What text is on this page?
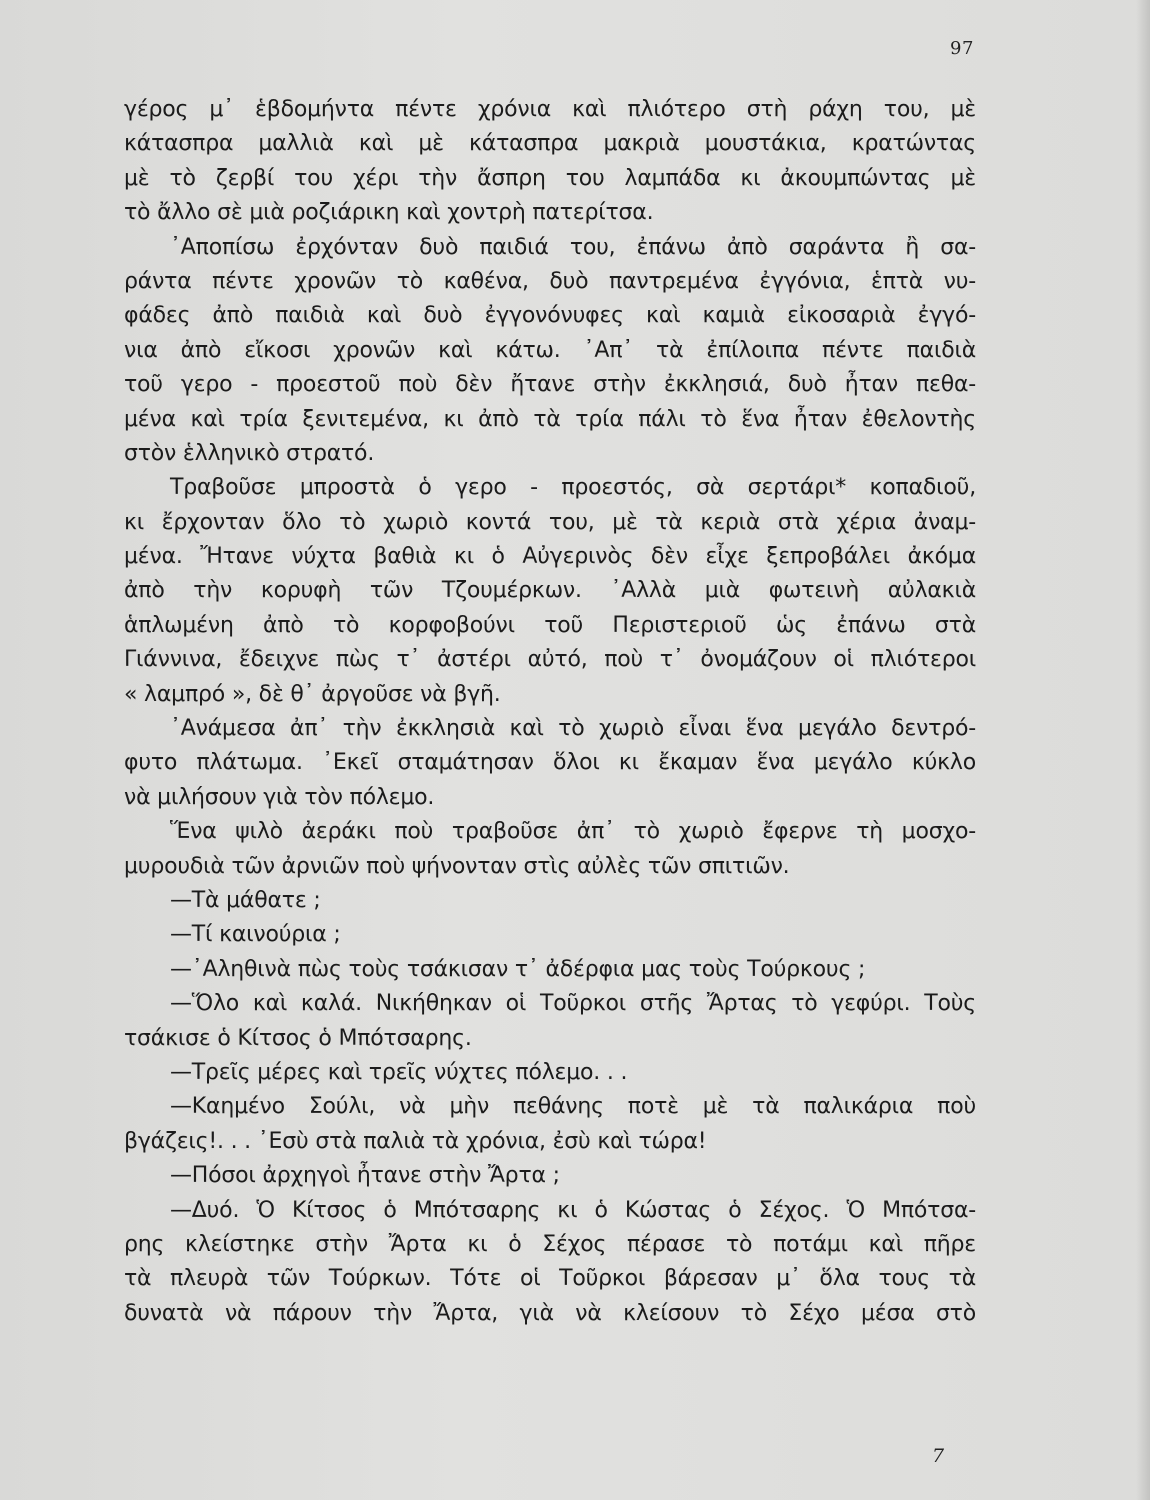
97
γέρος μ᾽ ἑβδομήντα πέντε χρόνια καὶ πλιότερο στὴ ράχη του, μὲ
κάτασπρα μαλλιὰ καὶ μὲ κάτασπρα μακριὰ μουστάκια, κρατώντας
μὲ τὸ ζερβί του χέρι τὴν ἄσπρη του λαμπάδα κι ἀκουμπώντας μὲ
τὸ ἄλλο σὲ μιὰ ροζιάρικη καὶ χοντρὴ πατερίτσα.
᾽Αποπίσω ἐρχόνταν δυὸ παιδιά του, ἐπάνω ἀπὸ σαράντα ἢ σα-
ράντα πέντε χρονῶν τὸ καθένα, δυὸ παντρεμένα ἐγγόνια, ἑπτὰ νυ-
φάδες ἀπὸ παιδιὰ καὶ δυὸ ἐγγονόνυφες καὶ καμιὰ εἰκοσαριὰ ἐγγό-
νια ἀπὸ εἴκοσι χρονῶν καὶ κάτω. ᾽Απ᾽ τὰ ἐπίλοιπα πέντε παιδιὰ
τοῦ γερο - προεστοῦ ποὺ δὲν ἤτανε στὴν ἐκκλησιά, δυὸ ἦταν πεθα-
μένα καὶ τρία ξενιτεμένα, κι ἀπὸ τὰ τρία πάλι τὸ ἕνα ἦταν ἐθελοντὴς
στὸν ἑλληνικὸ στρατό.
Τραβοῦσε μπροστὰ ὁ γερο - προεστός, σὰ σερτάρι* κοπαδιοῦ,
κι ἔρχονταν ὅλο τὸ χωριὸ κοντά του, μὲ τὰ κεριὰ στὰ χέρια ἀναμ-
μένα. Ἤτανε νύχτα βαθιὰ κι ὁ Αὐγερινὸς δὲν εἶχε ξεπροβάλει ἀκόμα
ἀπὸ τὴν κορυφὴ τῶν Τζουμέρκων. ᾽Αλλὰ μιὰ φωτεινὴ αὐλακιὰ
ἁπλωμένη ἀπὸ τὸ κορφοβούνι τοῦ Περιστεριοῦ ὡς ἐπάνω στὰ
Γιάννινα, ἔδειχνε πὼς τ᾽ ἀστέρι αὐτό, ποὺ τ᾽ ὀνομάζουν οἱ πλιότεροι
« λαμπρό », δὲ θ᾽ ἀργοῦσε νὰ βγῆ.
᾽Ανάμεσα ἀπ᾽ τὴν ἐκκλησιὰ καὶ τὸ χωριὸ εἶναι ἕνα μεγάλο δεντρό-
φυτο πλάτωμα. ᾽Εκεῖ σταμάτησαν ὅλοι κι ἔκαμαν ἕνα μεγάλο κύκλο
νὰ μιλήσουν γιὰ τὸν πόλεμο.
Ἕνα ψιλὸ ἀεράκι ποὺ τραβοῦσε ἀπ᾽ τὸ χωριὸ ἔφερνε τὴ μοσχο-
μυρουδιὰ τῶν ἀρνιῶν ποὺ ψήνονταν στὶς αὐλὲς τῶν σπιτιῶν.
—Τὰ μάθατε ;
—Τί καινούρια ;
—᾽Αληθινὰ πὼς τοὺς τσάκισαν τ᾽ ἀδέρφια μας τοὺς Τούρκους ;
—Ὅλο καὶ καλά. Νικήθηκαν οἱ Τοῦρκοι στῆς Ἄρτας τὸ γεφύρι. Τοὺς
τσάκισε ὁ Κίτσος ὁ Μπότσαρης.
—Τρεῖς μέρες καὶ τρεῖς νύχτες πόλεμο. . .
—Καημένο Σούλι, νὰ μὴν πεθάνης ποτὲ μὲ τὰ παλικάρια ποὺ
βγάζεις!. . . ᾽Εσὺ στὰ παλιὰ τὰ χρόνια, ἐσὺ καὶ τώρα!
—Πόσοι ἀρχηγοὶ ἦτανε στὴν Ἄρτα ;
—Δυό. Ὁ Κίτσος ὁ Μπότσαρης κι ὁ Κώστας ὁ Σέχος. Ὁ Μπότσα-
ρης κλείστηκε στὴν Ἄρτα κι ὁ Σέχος πέρασε τὸ ποτάμι καὶ πῆρε
τὰ πλευρὰ τῶν Τούρκων. Τότε οἱ Τοῦρκοι βάρεσαν μ᾽ ὅλα τους τὰ
δυνατὰ νὰ πάρουν τὴν Ἄρτα, γιὰ νὰ κλείσουν τὸ Σέχο μέσα στὸ
7
